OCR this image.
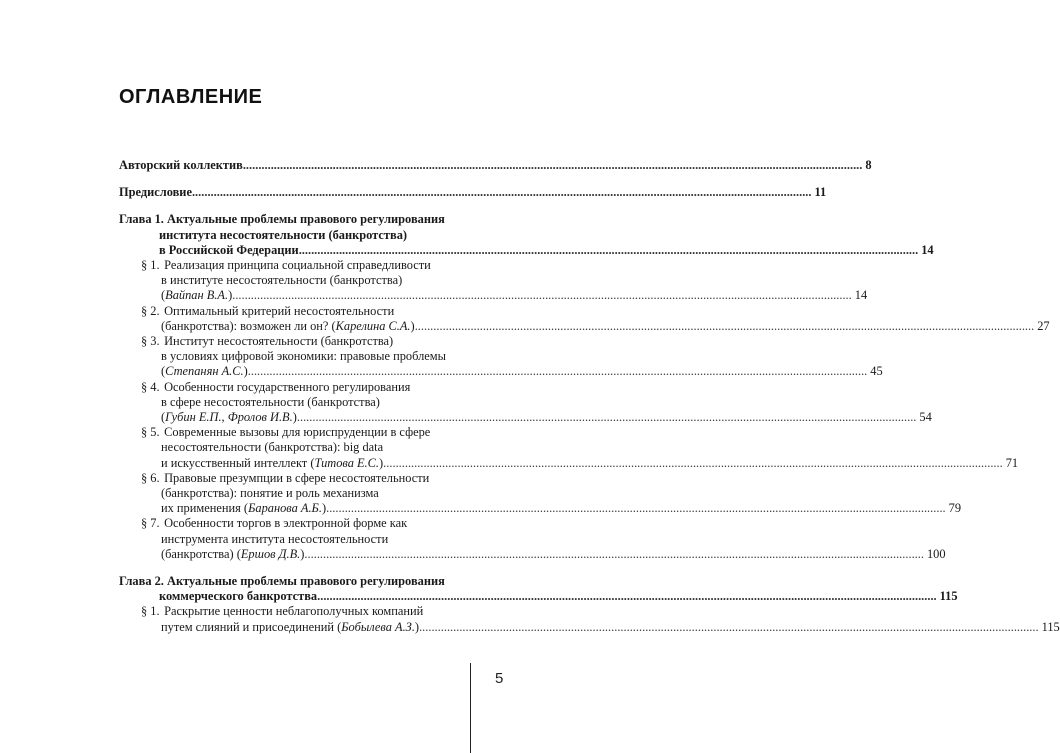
ОГЛАВЛЕНИЕ
Авторский коллектив .....	8
Предисловие .....	11
Глава 1. Актуальные проблемы правового регулирования
института несостоятельности (банкротства)
в Российской Федерации .....	14
§ 1. Реализация принципа социальной справедливости
в институте несостоятельности (банкротства)
(Вайпан В.А.) .....	14
§ 2. Оптимальный критерий несостоятельности
(банкротства): возможен ли он? (Карелина С.А.) .....	27
§ 3. Институт несостоятельности (банкротства)
в условиях цифровой экономики: правовые проблемы
(Степанян А.С.) .....	45
§ 4. Особенности государственного регулирования
в сфере несостоятельности (банкротства)
(Губин Е.П., Фролов И.В.) .....	54
§ 5. Современные вызовы для юриспруденции в сфере
несостоятельности (банкротства): big data
и искусственный интеллект (Титова Е.С.) .....	71
§ 6. Правовые презумпции в сфере несостоятельности
(банкротства): понятие и роль механизма
их применения (Баранова А.Б.) .....	79
§ 7. Особенности торгов в электронной форме как
инструмента института несостоятельности
(банкротства) (Ершов Д.В.) .....	100
Глава 2. Актуальные проблемы правового регулирования
коммерческого банкротства .....	115
§ 1. Раскрытие ценности неблагополучных компаний
путем слияний и присоединений (Бобылева А.З.) .....	115
5
